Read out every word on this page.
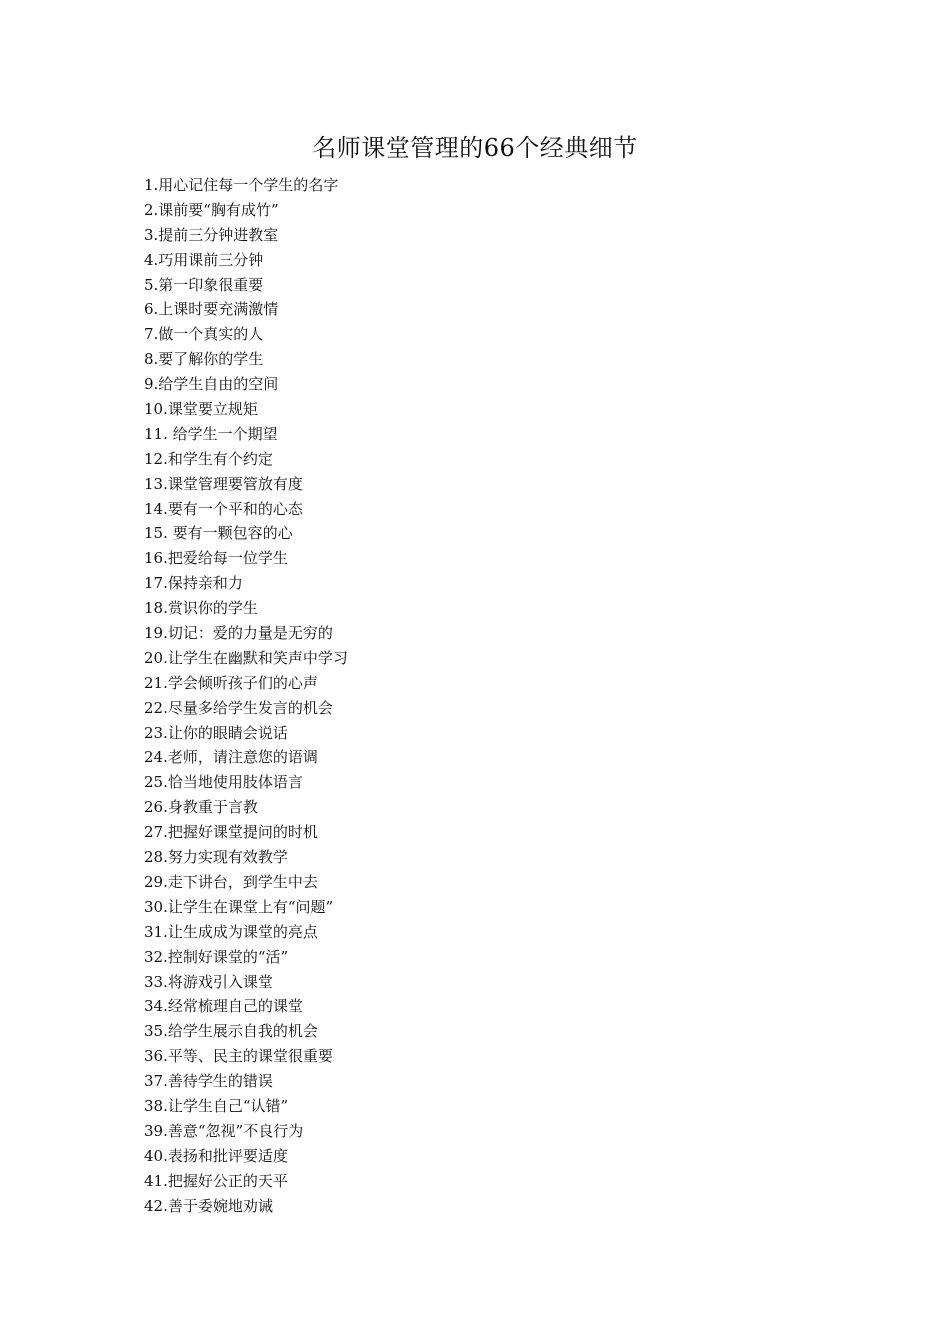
名师课堂管理的66个经典细节
1.用心记住每一个学生的名字
2.课前要“胸有成竹”
3.提前三分钟进教室
4.巧用课前三分钟
5.第一印象很重要
6.上课时要充满激情
7.做一个真实的人
8.要了解你的学生
9.给学生自由的空间
10.课堂要立规矩
11. 给学生一个期望
12.和学生有个约定
13.课堂管理要管放有度
14.要有一个平和的心态
15. 要有一颗包容的心
16.把爱给每一位学生
17.保持亲和力
18.赏识你的学生
19.切记：爱的力量是无穷的
20.让学生在幽默和笑声中学习
21.学会倾听孩子们的心声
22.尽量多给学生发言的机会
23.让你的眼睛会说话
24.老师，请注意您的语调
25.恰当地使用肢体语言
26.身教重于言教
27.把握好课堂提问的时机
28.努力实现有效教学
29.走下讲台，到学生中去
30.让学生在课堂上有“问题”
31.让生成成为课堂的亮点
32.控制好课堂的“活”
33.将游戏引入课堂
34.经常梳理自己的课堂
35.给学生展示自我的机会
36.平等、民主的课堂很重要
37.善待学生的错误
38.让学生自己“认错”
39.善意“忽视”不良行为
40.表扬和批评要适度
41.把握好公正的天平
42.善于委婉地劝诫
